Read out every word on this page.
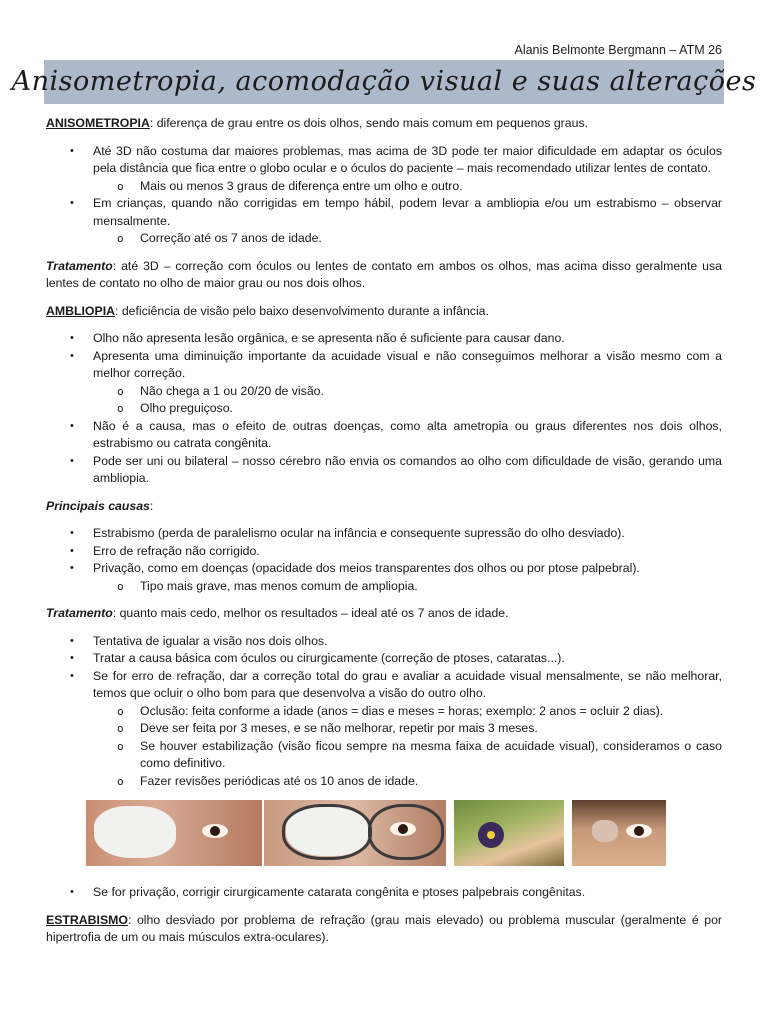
Alanis Belmonte Bergmann – ATM 26
Anisometropia, acomodação visual e suas alterações

ANISOMETROPIA: diferença de grau entre os dois olhos, sendo mais comum em pequenos graus.

• Até 3D não costuma dar maiores problemas, mas acima de 3D pode ter maior dificuldade em adaptar os óculos pela distância que fica entre o globo ocular e o óculos do paciente – mais recomendado utilizar lentes de contato.
o Mais ou menos 3 graus de diferença entre um olho e outro.
• Em crianças, quando não corrigidas em tempo hábil, podem levar a ambliopia e/ou um estrabismo – observar mensalmente.
o Correção até os 7 anos de idade.

Tratamento: até 3D – correção com óculos ou lentes de contato em ambos os olhos, mas acima disso geralmente usa lentes de contato no olho de maior grau ou nos dois olhos.

AMBLIOPIA: deficiência de visão pelo baixo desenvolvimento durante a infância.

• Olho não apresenta lesão orgânica, e se apresenta não é suficiente para causar dano.
• Apresenta uma diminuição importante da acuidade visual e não conseguimos melhorar a visão mesmo com a melhor correção.
o Não chega a 1 ou 20/20 de visão.
o Olho preguiçoso.
• Não é a causa, mas o efeito de outras doenças, como alta ametropia ou graus diferentes nos dois olhos, estrabismo ou catrata congênita.
• Pode ser uni ou bilateral – nosso cérebro não envia os comandos ao olho com dificuldade de visão, gerando uma ambliopia.

Principais causas:

• Estrabismo (perda de paralelismo ocular na infância e consequente supressão do olho desviado).
• Erro de refração não corrigido.
• Privação, como em doenças (opacidade dos meios transparentes dos olhos ou por ptose palpebral).
o Tipo mais grave, mas menos comum de ampliopia.

Tratamento: quanto mais cedo, melhor os resultados – ideal até os 7 anos de idade.

• Tentativa de igualar a visão nos dois olhos.
• Tratar a causa básica com óculos ou cirurgicamente (correção de ptoses, cataratas...).
• Se for erro de refração, dar a correção total do grau e avaliar a acuidade visual mensalmente, se não melhorar, temos que ocluir o olho bom para que desenvolva a visão do outro olho.
o Oclusão: feita conforme a idade (anos = dias e meses = horas; exemplo: 2 anos = ocluir 2 dias).
o Deve ser feita por 3 meses, e se não melhorar, repetir por mais 3 meses.
o Se houver estabilização (visão ficou sempre na mesma faixa de acuidade visual), consideramos o caso como definitivo.
o Fazer revisões periódicas até os 10 anos de idade.
• Se for privação, corrigir cirurgicamente catarata congênita e ptoses palpebrais congênitas.

ESTRABISMO: olho desviado por problema de refração (grau mais elevado) ou problema muscular (geralmente é por hipertrofia de um ou mais músculos extra-oculares).
